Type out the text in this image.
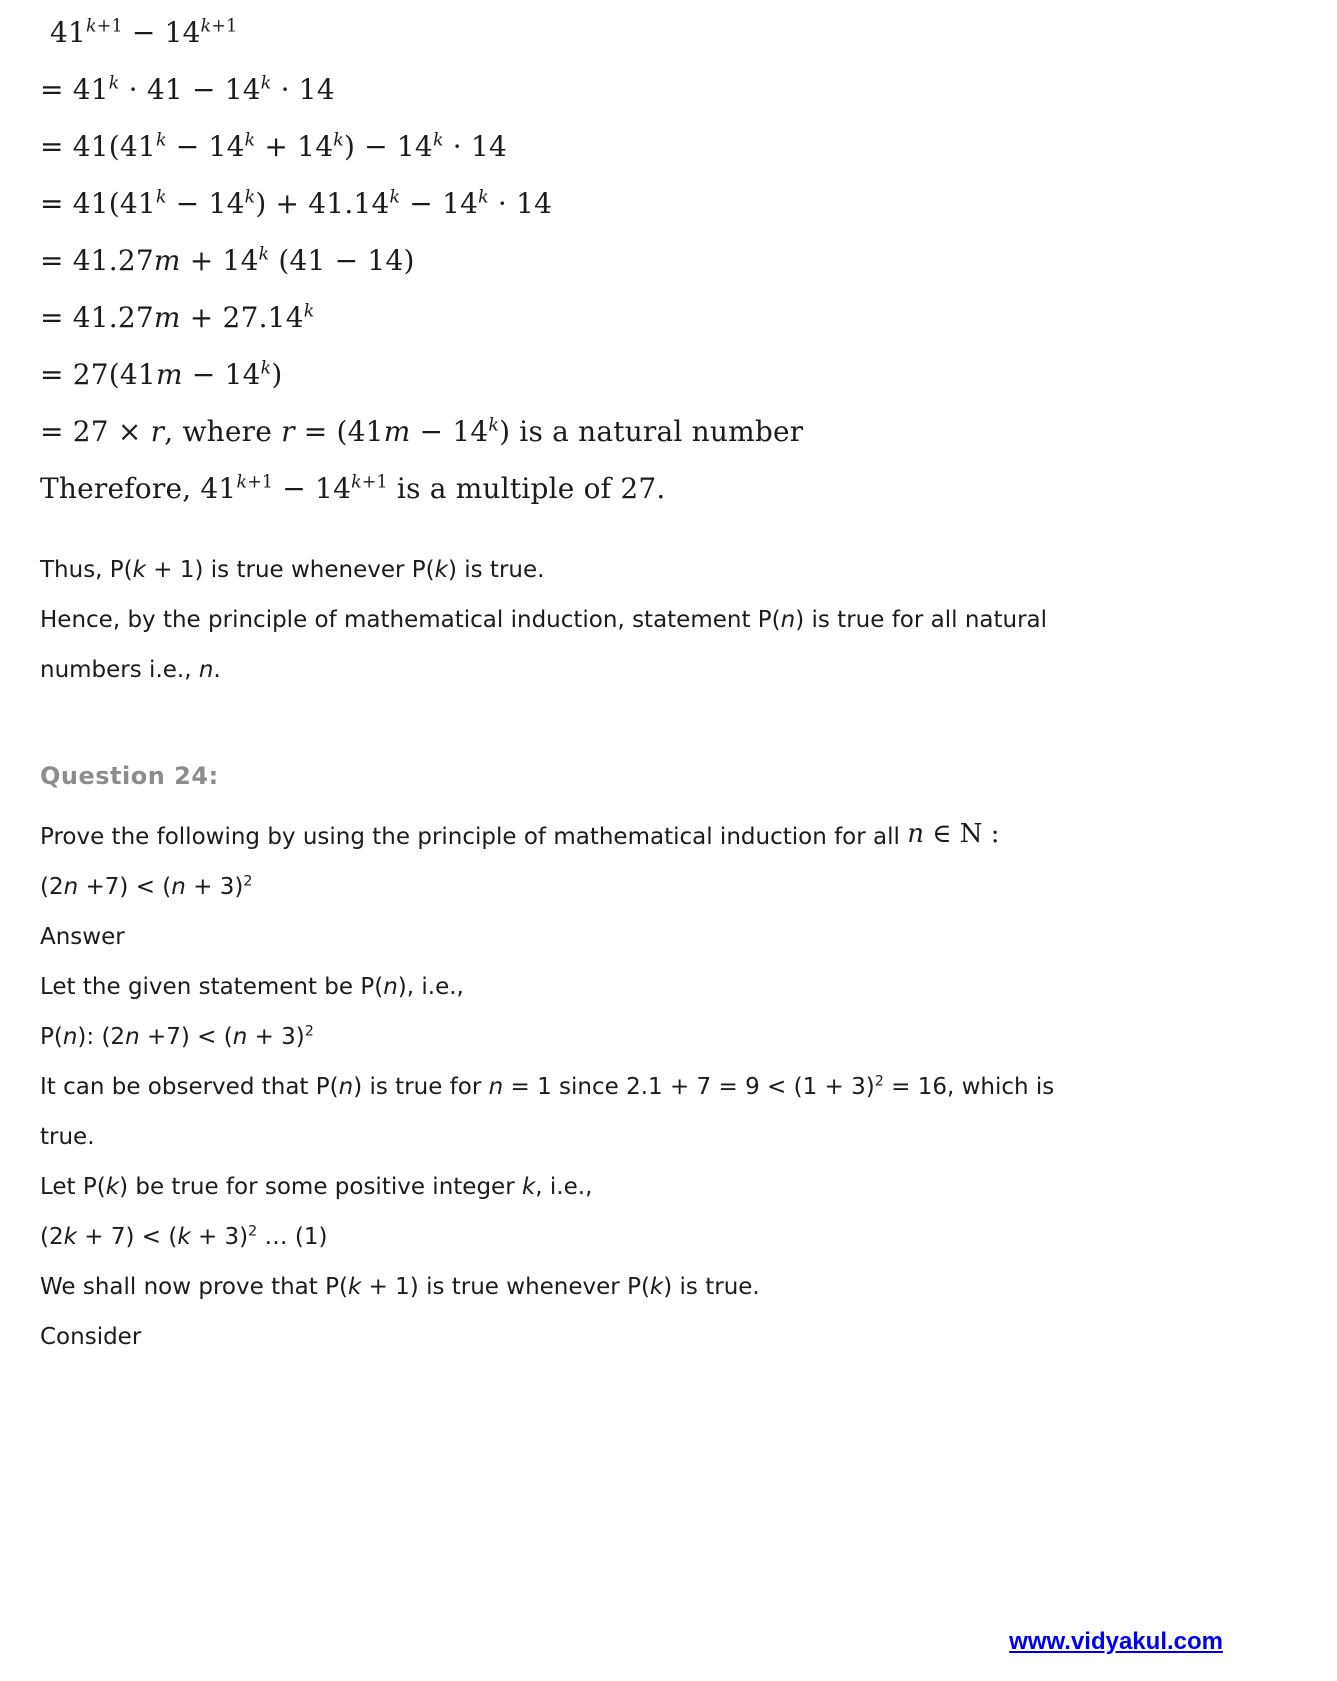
$41^{k+1} - 14^{k+1}$
= $41^k \cdot 41 - 14^k \cdot 14$
= $41(41^k - 14^k + 14^k) - 14^k \cdot 14$
= $41(41^k - 14^k) + 41.14^k - 14^k \cdot 14$
= $41.27m + 14^k$ (41 − 14)
= $41.27m + 27.14^k$
= $27(41m - 14^k)$
= 27 × r, where $r = (41m - 14^k)$ is a natural number
Therefore, $41^{k+1} - 14^{k+1}$ is a multiple of 27.
Thus, P(k + 1) is true whenever P(k) is true.
Hence, by the principle of mathematical induction, statement P(n) is true for all natural
numbers i.e., n.
Question 24:
Prove the following by using the principle of mathematical induction for all n ∈ N :
$(2n +7) < (n + 3)^2$
Answer
Let the given statement be P(n), i.e.,
P(n): $(2n +7) < (n + 3)^2$
It can be observed that P(n) is true for n = 1 since $2.1 + 7 = 9 < (1 + 3)^2 = 16$, which is
true.
Let P(k) be true for some positive integer k, i.e.,
$(2k + 7) < (k + 3)^2$ … (1)
We shall now prove that P(k + 1) is true whenever P(k) is true.
Consider
www.vidyakul.com
